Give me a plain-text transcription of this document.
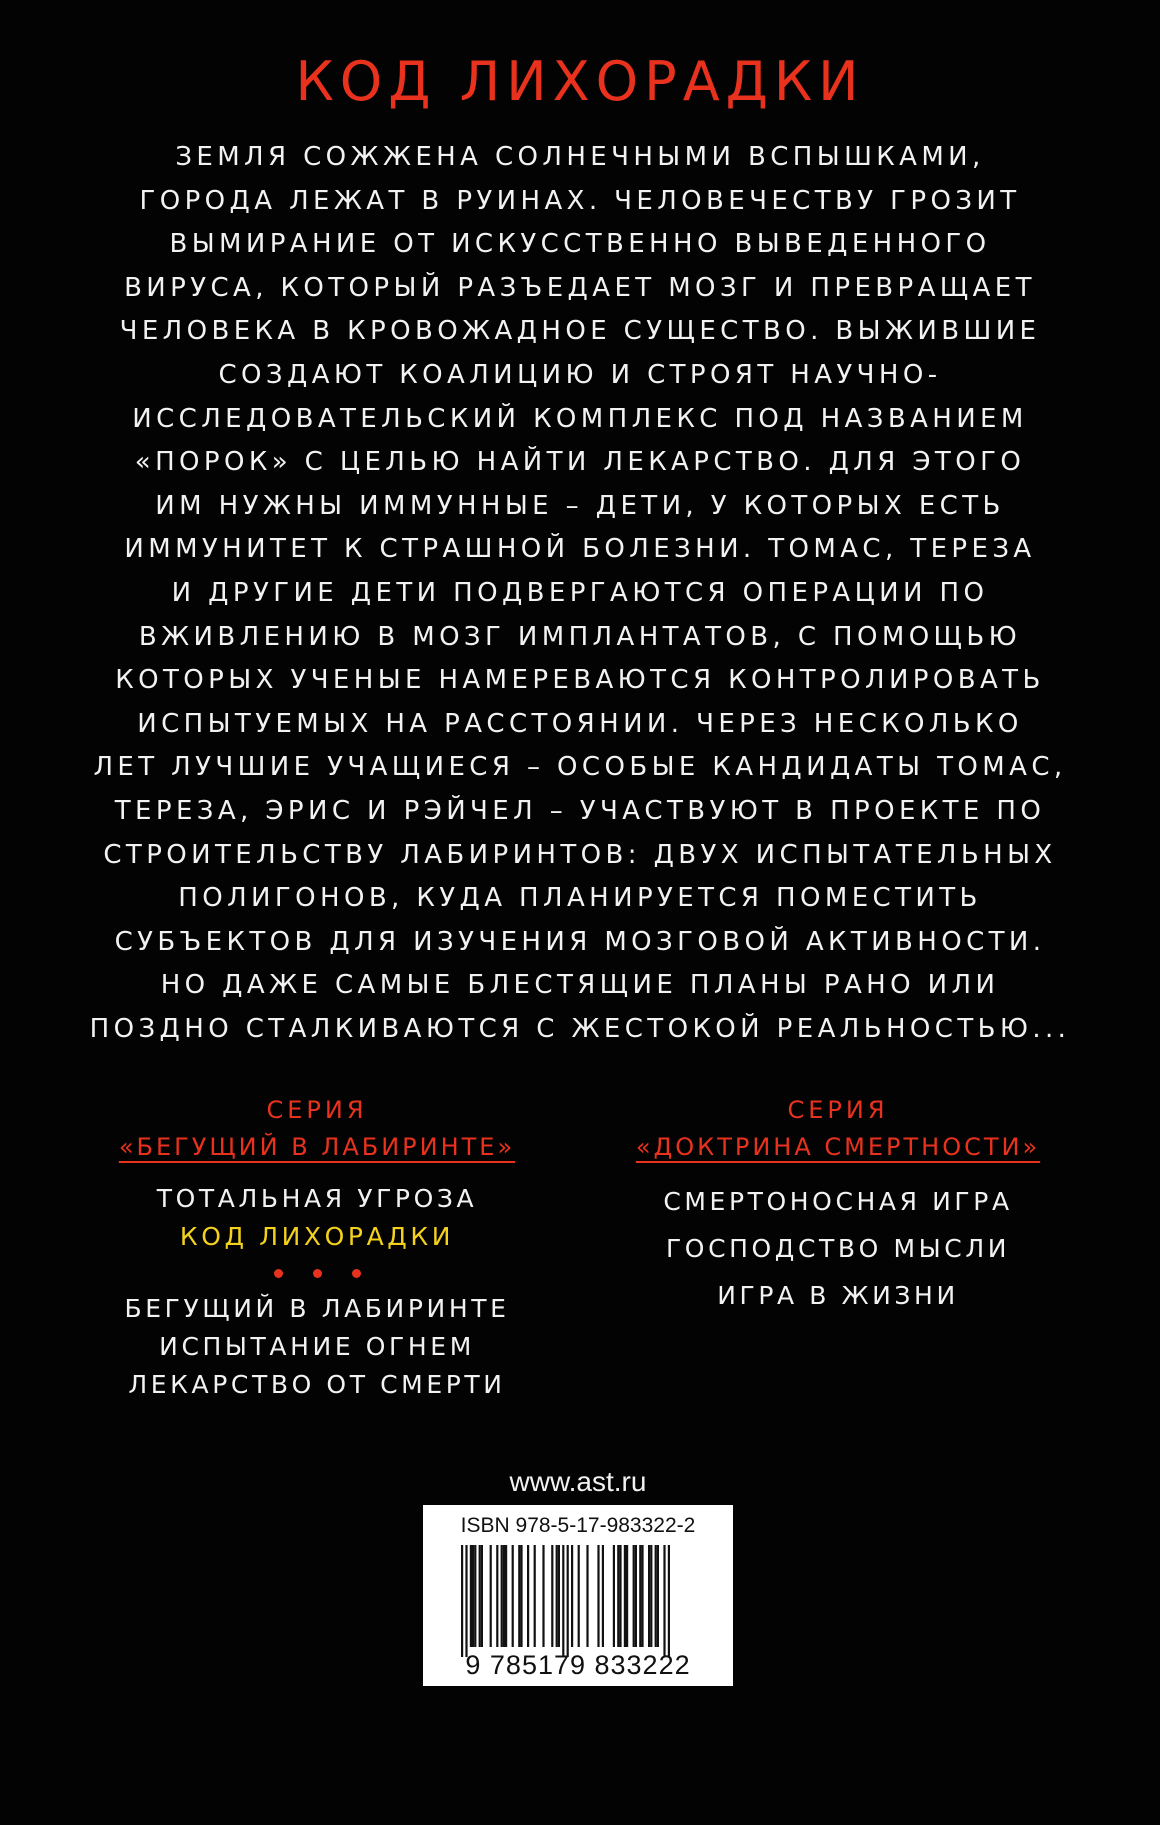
КОД ЛИХОРАДКИ
ЗЕМЛЯ СОЖЖЕНА СОЛНЕЧНЫМИ ВСПЫШКАМИ,
ГОРОДА ЛЕЖАТ В РУИНАХ. ЧЕЛОВЕЧЕСТВУ ГРОЗИТ
ВЫМИРАНИЕ ОТ ИСКУССТВЕННО ВЫВЕДЕННОГО
ВИРУСА, КОТОРЫЙ РАЗЪЕДАЕТ МОЗГ И ПРЕВРАЩАЕТ
ЧЕЛОВЕКА В КРОВОЖАДНОЕ СУЩЕСТВО. ВЫЖИВШИЕ
СОЗДАЮТ КОАЛИЦИЮ И СТРОЯТ НАУЧНО-
ИССЛЕДОВАТЕЛЬСКИЙ КОМПЛЕКС ПОД НАЗВАНИЕМ
«ПОРОК» С ЦЕЛЬЮ НАЙТИ ЛЕКАРСТВО. ДЛЯ ЭТОГО
ИМ НУЖНЫ ИММУННЫЕ – ДЕТИ, У КОТОРЫХ ЕСТЬ
ИММУНИТЕТ К СТРАШНОЙ БОЛЕЗНИ. ТОМАС, ТЕРЕЗА
И ДРУГИЕ ДЕТИ ПОДВЕРГАЮТСЯ ОПЕРАЦИИ ПО
ВЖИВЛЕНИЮ В МОЗГ ИМПЛАНТАТОВ, С ПОМОЩЬЮ
КОТОРЫХ УЧЕНЫЕ НАМЕРЕВАЮТСЯ КОНТРОЛИРОВАТЬ
ИСПЫТУЕМЫХ НА РАССТОЯНИИ. ЧЕРЕЗ НЕСКОЛЬКО
ЛЕТ ЛУЧШИЕ УЧАЩИЕСЯ – ОСОБЫЕ КАНДИДАТЫ ТОМАС,
ТЕРЕЗА, ЭРИС И РЭЙЧЕЛ – УЧАСТВУЮТ В ПРОЕКТЕ ПО
СТРОИТЕЛЬСТВУ ЛАБИРИНТОВ: ДВУХ ИСПЫТАТЕЛЬНЫХ
ПОЛИГОНОВ, КУДА ПЛАНИРУЕТСЯ ПОМЕСТИТЬ
СУБЪЕКТОВ ДЛЯ ИЗУЧЕНИЯ МОЗГОВОЙ АКТИВНОСТИ.
НО ДАЖЕ САМЫЕ БЛЕСТЯЩИЕ ПЛАНЫ РАНО ИЛИ
ПОЗДНО СТАЛКИВАЮТСЯ С ЖЕСТОКОЙ РЕАЛЬНОСТЬЮ...
СЕРИЯ
«БЕГУЩИЙ В ЛАБИРИНТЕ»
ТОТАЛЬНАЯ УГРОЗА
КОД ЛИХОРАДКИ
БЕГУЩИЙ В ЛАБИРИНТЕ
ИСПЫТАНИЕ ОГНЕМ
ЛЕКАРСТВО ОТ СМЕРТИ
СЕРИЯ
«ДОКТРИНА СМЕРТНОСТИ»
СМЕРТОНОСНАЯ ИГРА
ГОСПОДСТВО МЫСЛИ
ИГРА В ЖИЗНИ
www.ast.ru
ISBN 978-5-17-983322-2
9 785179 833222
